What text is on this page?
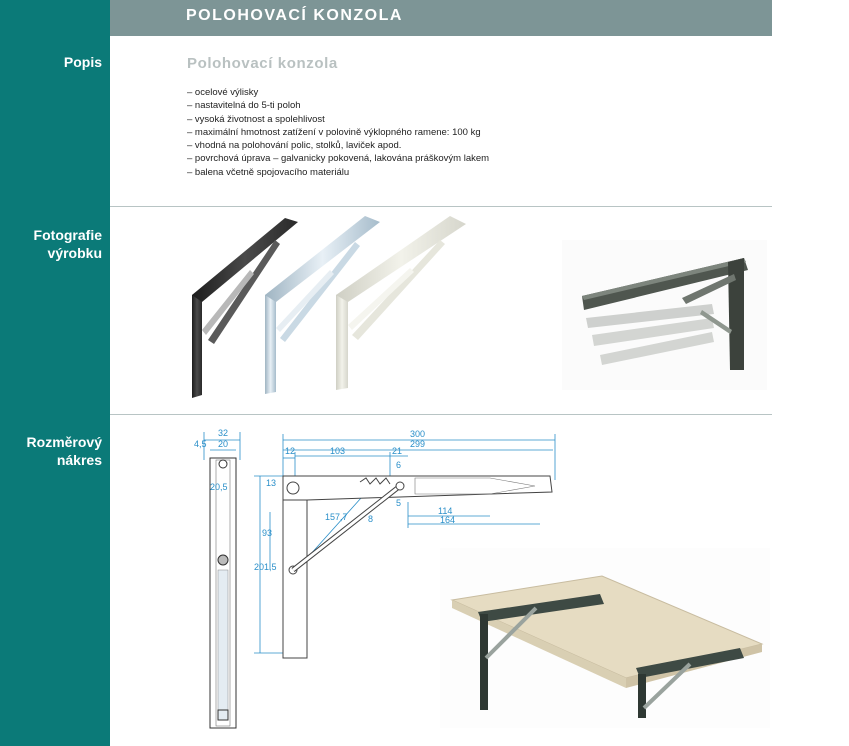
POLOHOVACÍ KONZOLA
Popis
Fotografie
výrobku
Rozměrový
nákres
Polohovací konzola
– ocelové výlisky
– nastavitelná do 5-ti poloh
– vysoká životnost a spolehlivost
– maximální hmotnost zatížení v polovině výklopného ramene: 100 kg
– vhodná na polohování polic, stolků, laviček apod.
– povrchová úprava – galvanicky pokovená, lakována práškovým lakem
– balena včetně spojovacího materiálu
32
20
4,5
20,5
300
299
12	103	21
6
5
13
157,7 8
93
201,5
114
164
